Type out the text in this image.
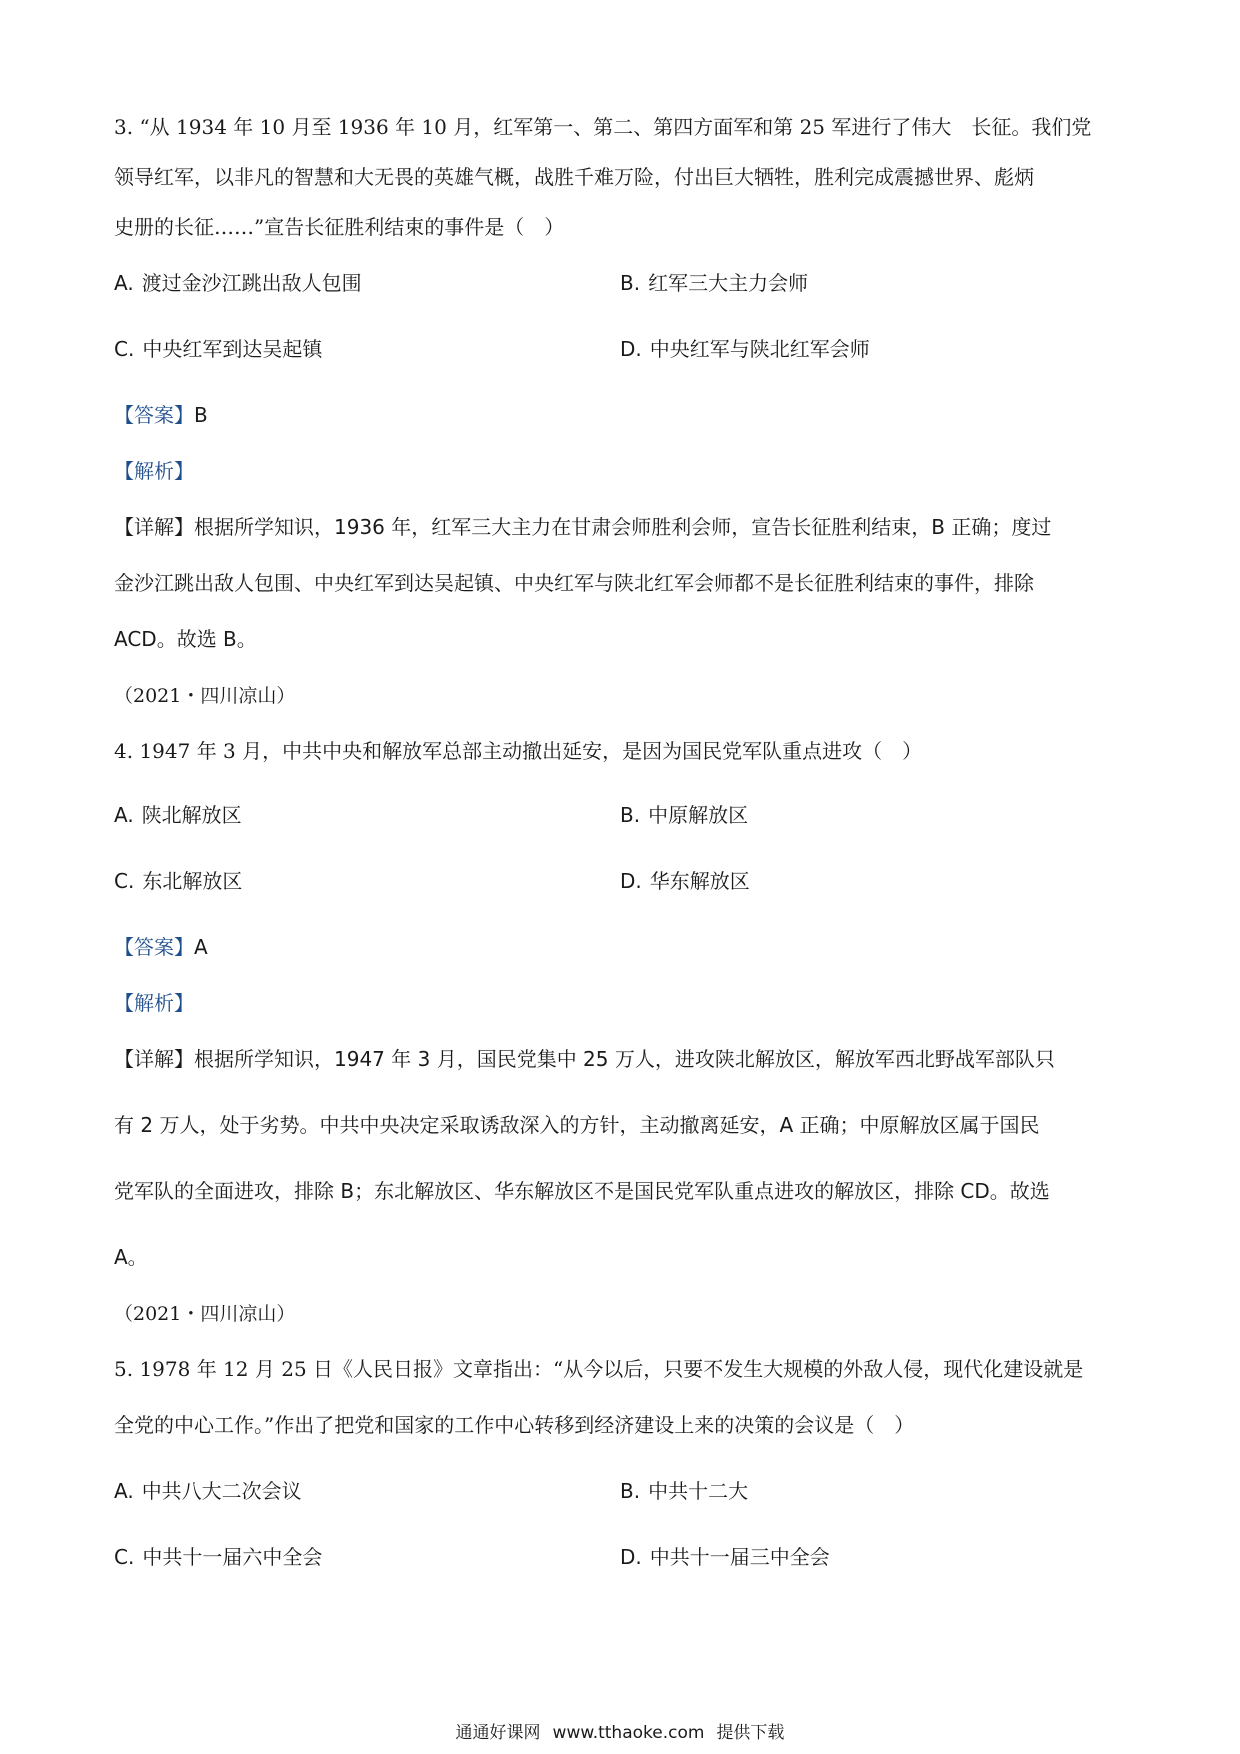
3. “从 1934 年 10 月至 1936 年 10 月，红军第一、第二、第四方面军和第 25 军进行了伟大　长征。我们党
领导红军，以非凡的智慧和大无畏的英雄气概，战胜千难万险，付出巨大牺牲，胜利完成震撼世界、彪炳
史册的长征……”宣告长征胜利结束的事件是（　）
A. 渡过金沙江跳出敌人包围	B. 红军三大主力会师
C. 中央红军到达吴起镇	D. 中央红军与陕北红军会师
【答案】B
【解析】
【详解】根据所学知识，1936 年，红军三大主力在甘肃会师胜利会师，宣告长征胜利结束，B 正确；度过
金沙江跳出敌人包围、中央红军到达吴起镇、中央红军与陕北红军会师都不是长征胜利结束的事件，排除
ACD。故选 B。
（2021・四川凉山）
4. 1947 年 3 月，中共中央和解放军总部主动撤出延安，是因为国民党军队重点进攻（　）
A. 陕北解放区	B. 中原解放区
C. 东北解放区	D. 华东解放区
【答案】A
【解析】
【详解】根据所学知识，1947 年 3 月，国民党集中 25 万人，进攻陕北解放区，解放军西北野战军部队只
有 2 万人，处于劣势。中共中央决定采取诱敌深入的方针，主动撤离延安，A 正确；中原解放区属于国民
党军队的全面进攻，排除 B；东北解放区、华东解放区不是国民党军队重点进攻的解放区，排除 CD。故选
A。
（2021・四川凉山）
5. 1978 年 12 月 25 日《人民日报》文章指出：“从今以后，只要不发生大规模的外敌人侵，现代化建设就是
全党的中心工作。”作出了把党和国家的工作中心转移到经济建设上来的决策的会议是（　）
A. 中共八大二次会议	B. 中共十二大
C. 中共十一届六中全会	D. 中共十一届三中全会
通通好课网 www.tthaoke.com 提供下载
